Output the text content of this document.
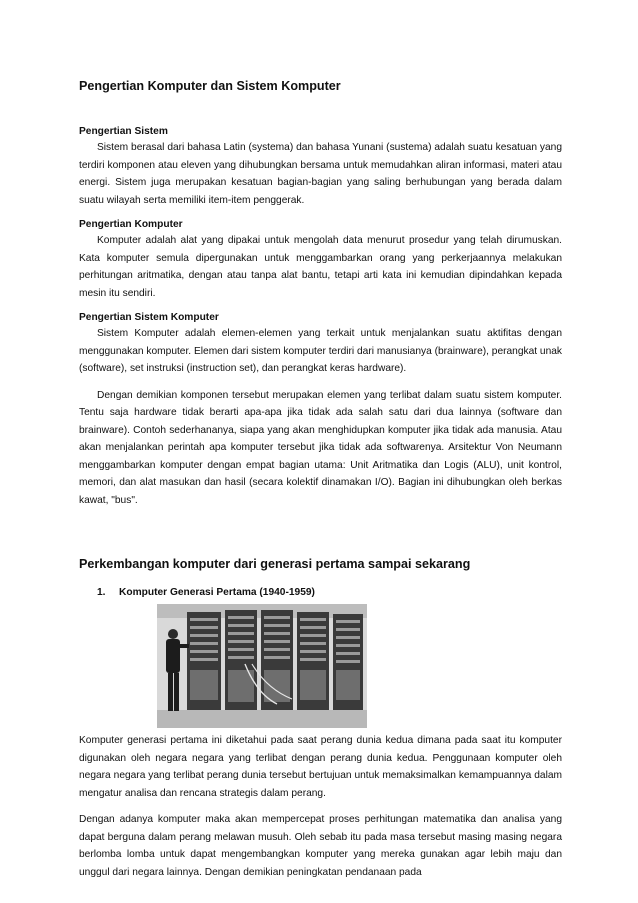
Pengertian Komputer dan Sistem Komputer
Pengertian Sistem

Sistem berasal dari bahasa Latin (systema) dan bahasa Yunani (sustema) adalah suatu kesatuan yang terdiri komponen atau eleven yang dihubungkan bersama untuk memudahkan aliran informasi, materi atau energi. Sistem juga merupakan kesatuan bagian-bagian yang saling berhubungan yang berada dalam suatu wilayah serta memiliki item-item penggerak.

Pengertian Komputer

Komputer adalah alat yang dipakai untuk mengolah data menurut prosedur yang telah dirumuskan. Kata komputer semula dipergunakan untuk menggambarkan orang yang perkerjaannya melakukan perhitungan aritmatika, dengan atau tanpa alat bantu, tetapi arti kata ini kemudian dipindahkan kepada mesin itu sendiri.

Pengertian Sistem Komputer

Sistem Komputer adalah elemen-elemen yang terkait untuk menjalankan suatu aktifitas dengan menggunakan komputer. Elemen dari sistem komputer terdiri dari manusianya (brainware), perangkat unak (software), set instruksi (instruction set), dan perangkat keras hardware).

Dengan demikian komponen tersebut merupakan elemen yang terlibat dalam suatu sistem komputer. Tentu saja hardware tidak berarti apa-apa jika tidak ada salah satu dari dua lainnya (software dan brainware). Contoh sederhananya, siapa yang akan menghidupkan komputer jika tidak ada manusia. Atau akan menjalankan perintah apa komputer tersebut jika tidak ada softwarenya. Arsitektur Von Neumann menggambarkan komputer dengan empat bagian utama: Unit Aritmatika dan Logis (ALU), unit kontrol, memori, dan alat masukan dan hasil (secara kolektif dinamakan I/O). Bagian ini dihubungkan oleh berkas kawat, "bus".

Perkembangan komputer dari generasi pertama sampai sekarang
1. Komputer Generasi Pertama (1940-1959)

Komputer generasi pertama ini diketahui pada saat perang dunia kedua dimana pada saat itu komputer digunakan oleh negara negara yang terlibat dengan perang dunia kedua. Penggunaan komputer oleh negara negara yang terlibat perang dunia tersebut bertujuan untuk memaksimalkan kemampuannya dalam mengatur analisa dan rencana strategis dalam perang.

Dengan adanya komputer maka akan mempercepat proses perhitungan matematika dan analisa yang dapat berguna dalam perang melawan musuh. Oleh sebab itu pada masa tersebut masing masing negara berlomba lomba untuk dapat mengembangkan komputer yang mereka gunakan agar lebih maju dan unggul dari negara lainnya. Dengan demikian peningkatan pendanaan pada
